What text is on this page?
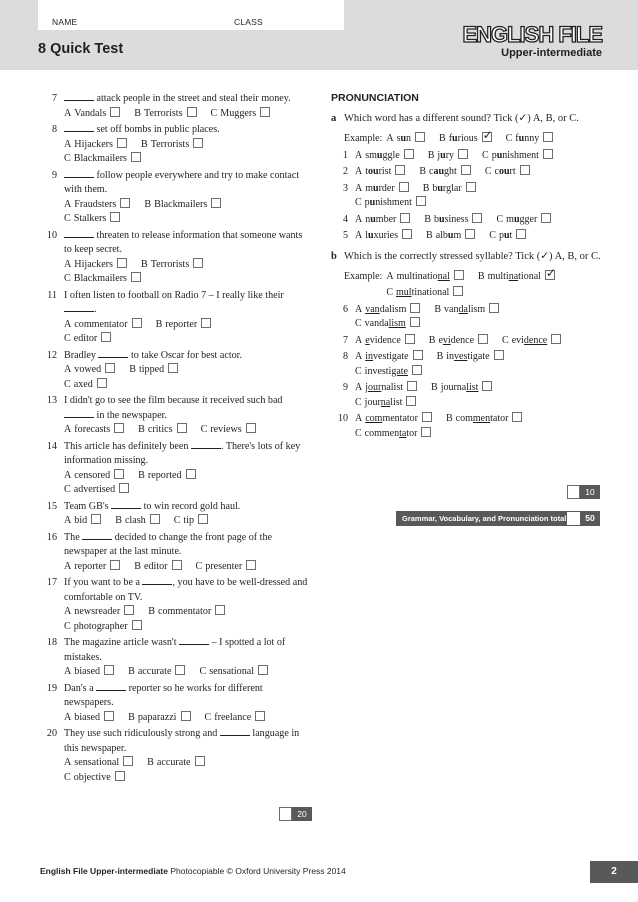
NAME	CLASS
8 Quick Test
ENGLISH FILE
Upper-intermediate
7	attack people in the street and steal their money.
A Vandals	B Terrorists	C Muggers
8	set off bombs in public places.
A Hijackers	B Terrorists
C Blackmailers
9	follow people everywhere and try to make contact with them.
A Fraudsters	B Blackmailers
C Stalkers
10	threaten to release information that someone wants to keep secret.
A Hijackers	B Terrorists
C Blackmailers
11 I often listen to football on Radio 7 – I really like their .
A commentator	B reporter
C editor
12 Bradley	to take Oscar for best actor.
A vowed	B tipped
C axed
13 I didn't go to see the film because it received such bad  in the newspaper.
A forecasts	B critics	C reviews
14 This article has definitely been	. There's lots of key information missing.
A censored	B reported
C advertised
15 Team GB's	to win record gold haul.
A bid	B clash	C tip
16 The	decided to change the front page of the newspaper at the last minute.
A reporter	B editor	C presenter
17 If you want to be a	, you have to be well-dressed and comfortable on TV.
A newsreader	B commentator
C photographer
18 The magazine article wasn't	– I spotted a lot of mistakes.
A biased	B accurate	C sensational
19 Dan's a	reporter so he works for different newspapers.
A biased	B paparazzi	C freelance
20 They use such ridiculously strong and	language in this newspaper.
A sensational	B accurate
C objective
20
PRONUNCIATION
a Which word has a different sound? Tick (✓) A, B, or C.
Example: A sun	B furious✓	C funny
1 A smuggle	B jury	C punishment
2 A tourist	B caught	C court
3 A murder	B burglar
C punishment
4 A number	B business	C mugger
5 A luxuries	B album	C put
b Which is the correctly stressed syllable? Tick (✓) A, B, or C.
Example: A multinational	B multinational✓
C multinational
6 A vandalism	B vandalism
C vandalism
7 A evidence	B evidence	C evidence
8 A investigate	B investigate
C investigate
9 A journalist	B journalist
C journalist
10 A commentator	B commentator
C commentator
10
Grammar, Vocabulary, and Pronunciation total	50
English File Upper-intermediate Photocopiable © Oxford University Press 2014	2
